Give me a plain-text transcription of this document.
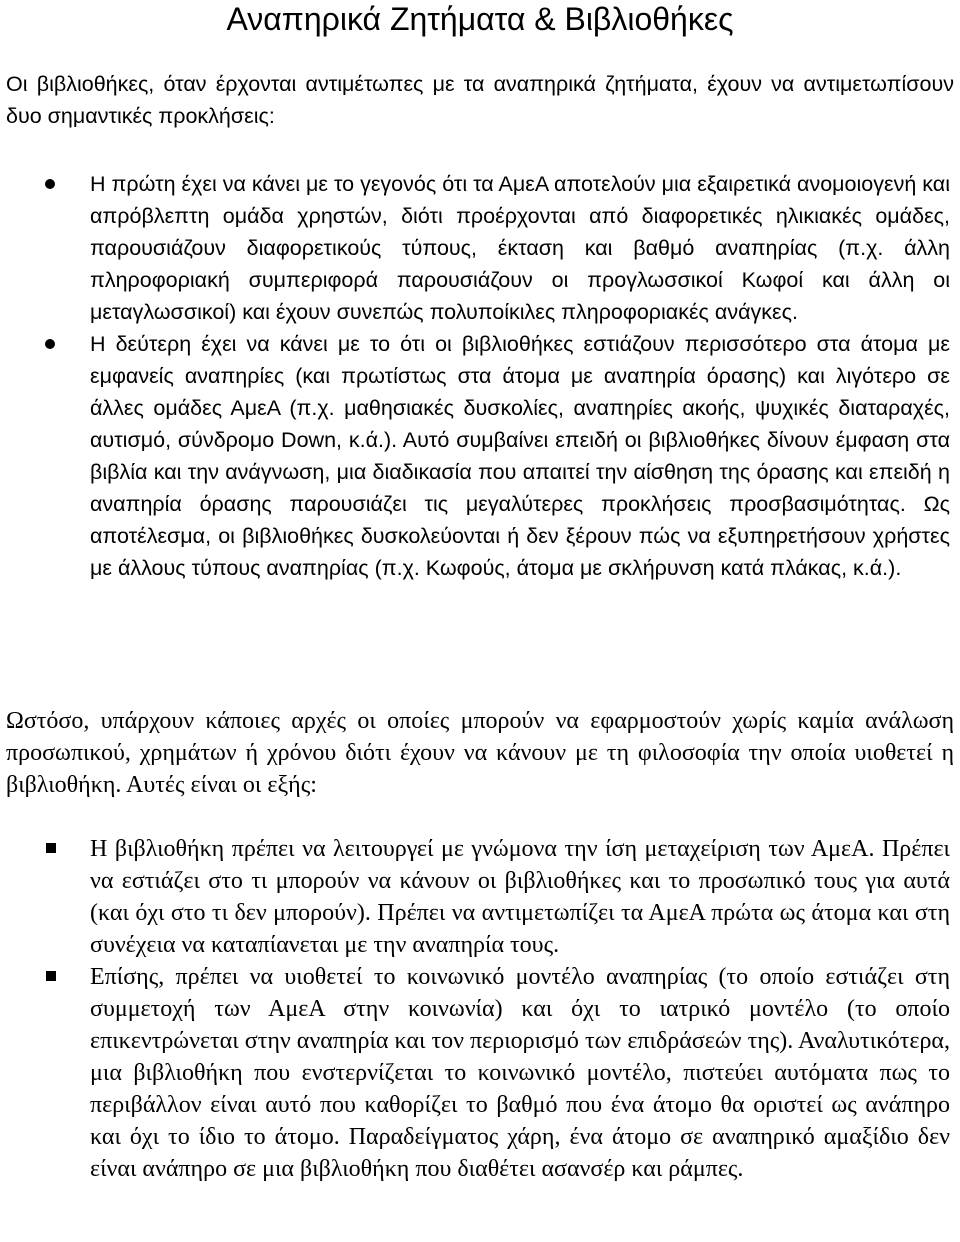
Αναπηρικά Ζητήματα & Βιβλιοθήκες

Οι βιβλιοθήκες, όταν έρχονται αντιμέτωπες με τα αναπηρικά ζητήματα, έχουν να αντιμετωπίσουν δυο σημαντικές προκλήσεις:

Η πρώτη έχει να κάνει με το γεγονός ότι τα ΑμεΑ αποτελούν μια εξαιρετικά ανομοιογενή και απρόβλεπτη ομάδα χρηστών, διότι προέρχονται από διαφορετικές ηλικιακές ομάδες, παρουσιάζουν διαφορετικούς τύπους, έκταση και βαθμό αναπηρίας (π.χ. άλλη πληροφοριακή συμπεριφορά παρουσιάζουν οι προγλωσσικοί Κωφοί και άλλη οι μεταγλωσσικοί) και έχουν συνεπώς πολυποίκιλες πληροφοριακές ανάγκες.
Η δεύτερη έχει να κάνει με το ότι οι βιβλιοθήκες εστιάζουν περισσότερο στα άτομα με εμφανείς αναπηρίες (και πρωτίστως στα άτομα με αναπηρία όρασης) και λιγότερο σε άλλες ομάδες ΑμεΑ (π.χ. μαθησιακές δυσκολίες, αναπηρίες ακοής, ψυχικές διαταραχές, αυτισμό, σύνδρομο Down, κ.ά.). Αυτό συμβαίνει επειδή οι βιβλιοθήκες δίνουν έμφαση στα βιβλία και την ανάγνωση, μια διαδικασία που απαιτεί την αίσθηση της όρασης και επειδή η αναπηρία όρασης παρουσιάζει τις μεγαλύτερες προκλήσεις προσβασιμότητας. Ως αποτέλεσμα, οι βιβλιοθήκες δυσκολεύονται ή δεν ξέρουν πώς να εξυπηρετήσουν χρήστες με άλλους τύπους αναπηρίας (π.χ. Κωφούς, άτομα με σκλήρυνση κατά πλάκας, κ.ά.).

Ωστόσο, υπάρχουν κάποιες αρχές οι οποίες μπορούν να εφαρμοστούν χωρίς καμία ανάλωση προσωπικού, χρημάτων ή χρόνου διότι έχουν να κάνουν με τη φιλοσοφία την οποία υιοθετεί η βιβλιοθήκη. Αυτές είναι οι εξής:

Η βιβλιοθήκη πρέπει να λειτουργεί με γνώμονα την ίση μεταχείριση των ΑμεΑ. Πρέπει να εστιάζει στο τι μπορούν να κάνουν οι βιβλιοθήκες και το προσωπικό τους για αυτά (και όχι στο τι δεν μπορούν). Πρέπει να αντιμετωπίζει τα ΑμεΑ πρώτα ως άτομα και στη συνέχεια να καταπίανεται με την αναπηρία τους.
Επίσης, πρέπει να υιοθετεί το κοινωνικό μοντέλο αναπηρίας (το οποίο εστιάζει στη συμμετοχή των ΑμεΑ στην κοινωνία) και όχι το ιατρικό μοντέλο (το οποίο επικεντρώνεται στην αναπηρία και τον περιορισμό των επιδράσεών της). Αναλυτικότερα, μια βιβλιοθήκη που ενστερνίζεται το κοινωνικό μοντέλο, πιστεύει αυτόματα πως το περιβάλλον είναι αυτό που καθορίζει το βαθμό που ένα άτομο θα οριστεί ως ανάπηρο και όχι το ίδιο το άτομο. Παραδείγματος χάρη, ένα άτομο σε αναπηρικό αμαξίδιο δεν είναι ανάπηρο σε μια βιβλιοθήκη που διαθέτει ασανσέρ και ράμπες.
